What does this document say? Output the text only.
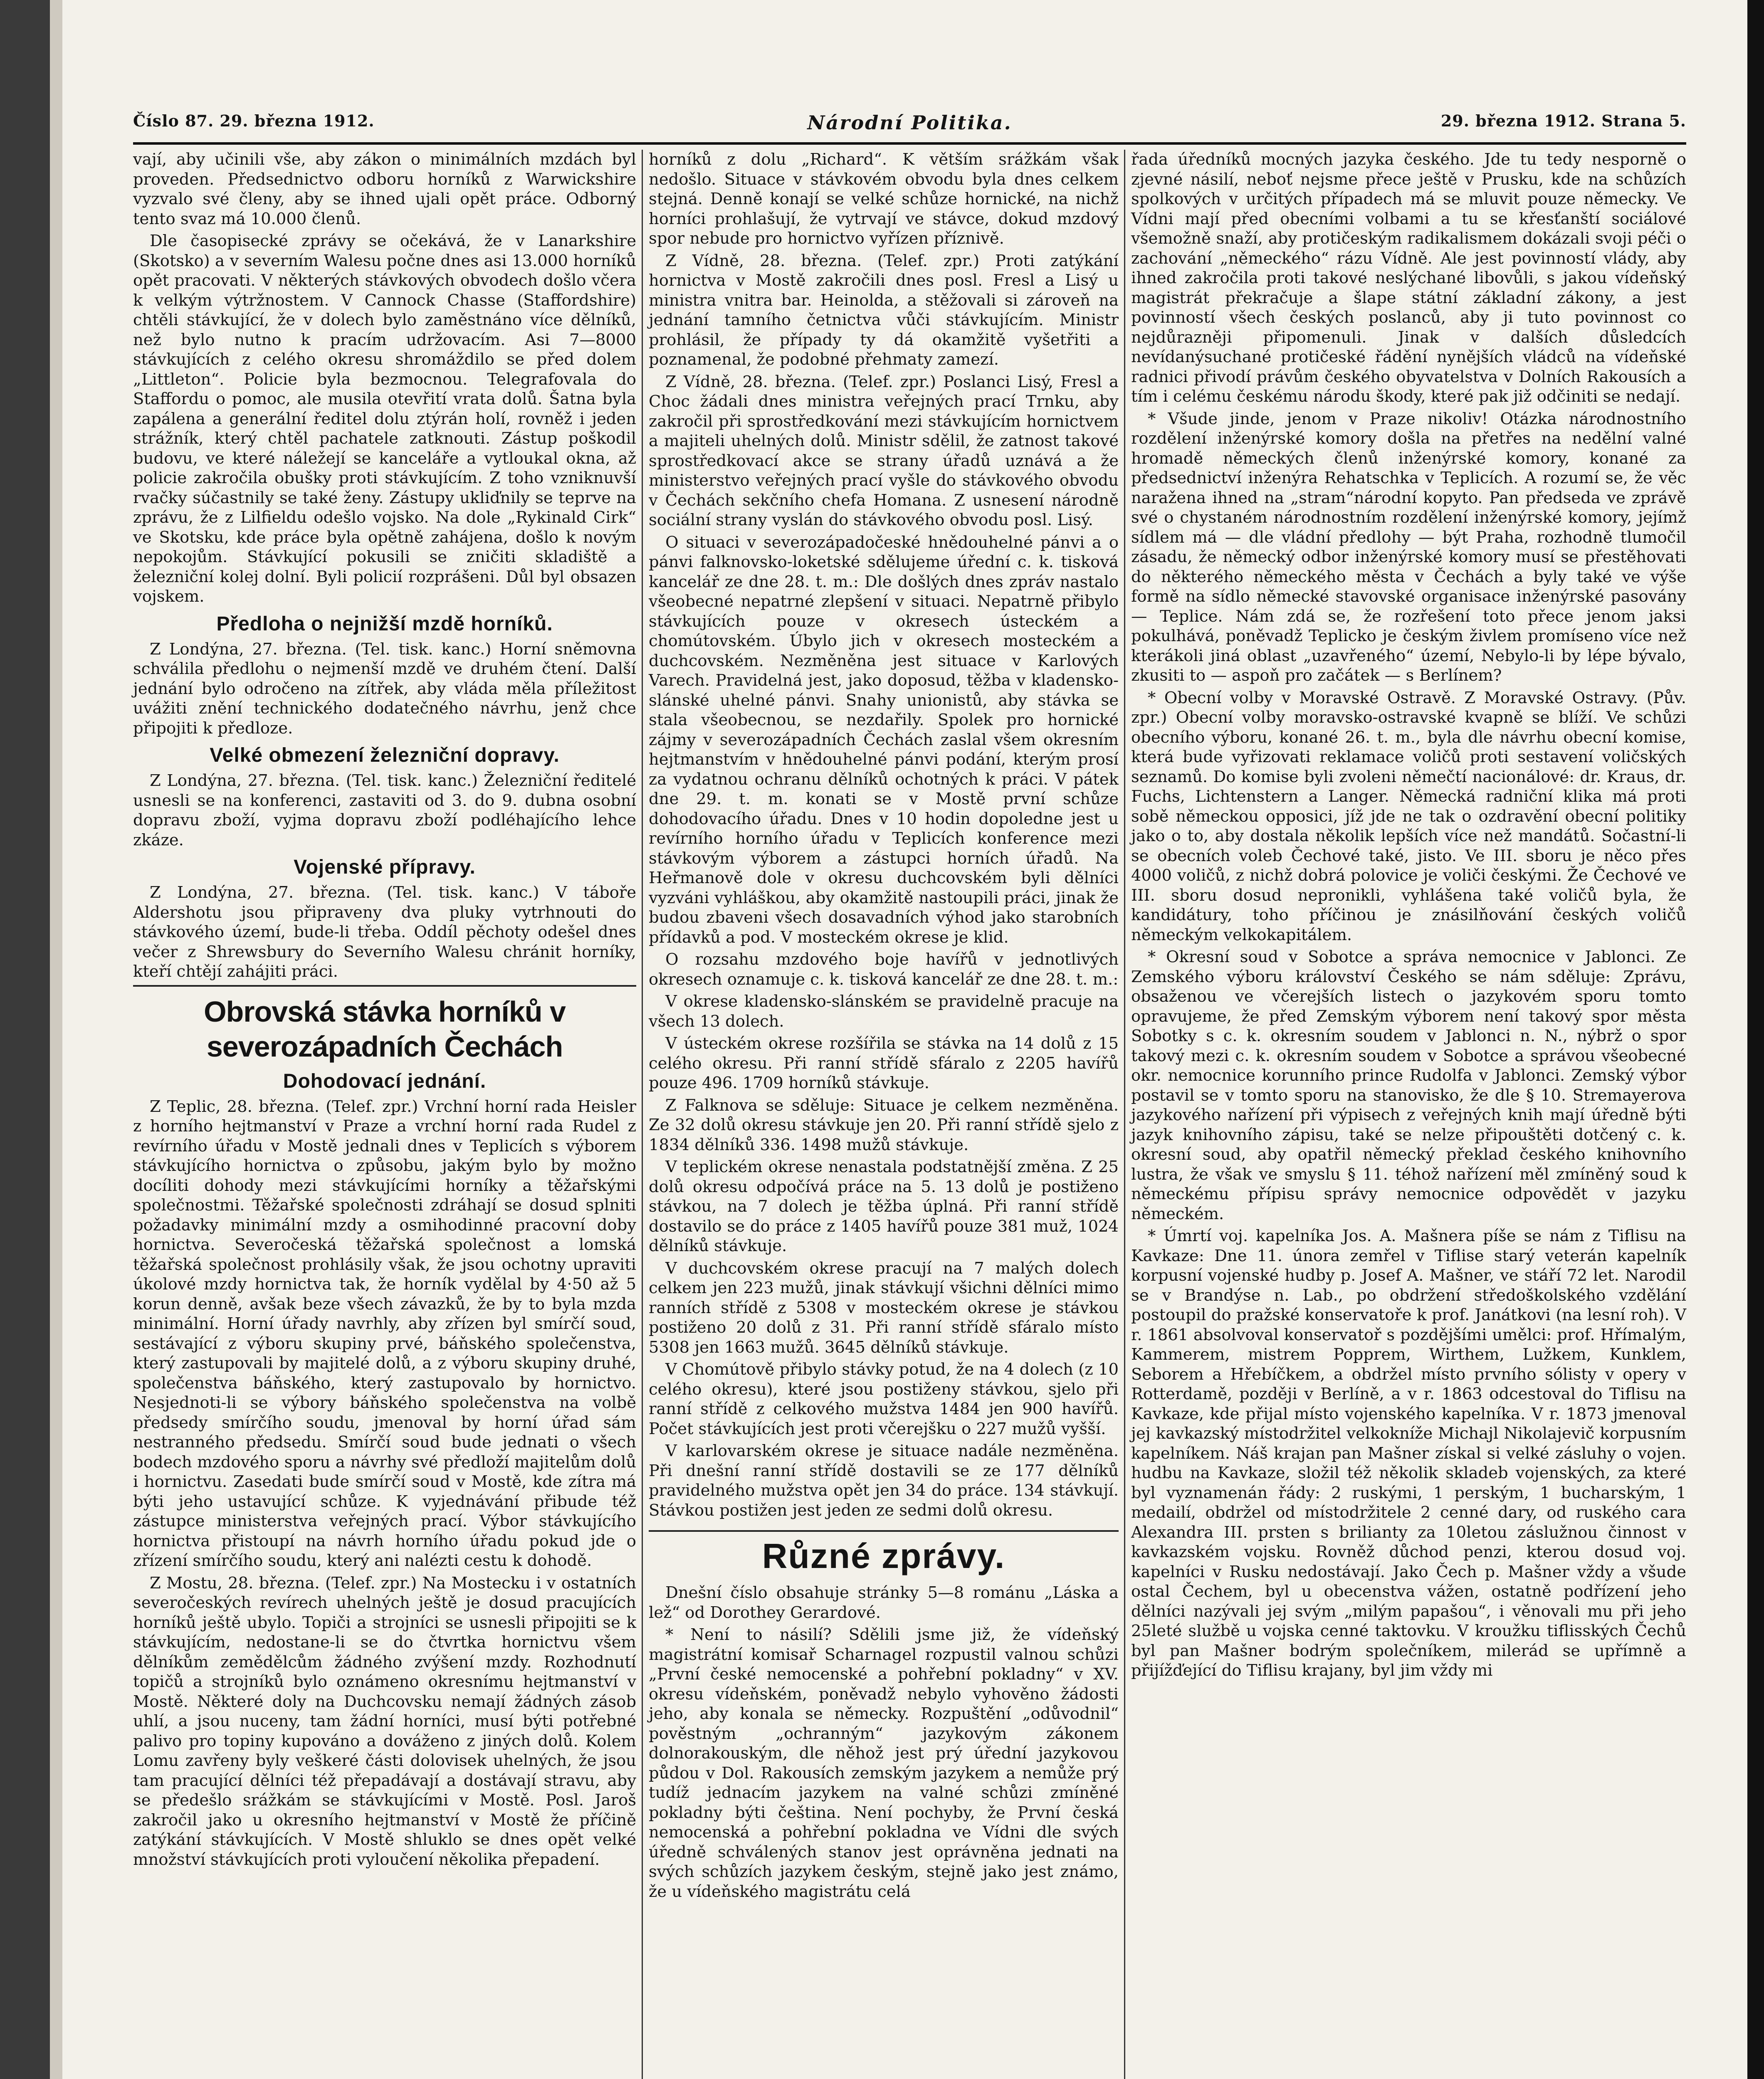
Číslo 87. 29. března 1912.	Národní Politika.	29. března 1912. Strana 5.

vají, aby učinili vše, aby zákon o minimálních mzdách byl proveden. Předsednictvo odboru horníků z Warwickshire vyzvalo své členy, aby se ihned ujali opět práce. Odborný tento svaz má 10.000 členů.

Dle časopisecké zprávy se očekává, že v Lanarkshire (Skotsko) a v severním Walesu počne dnes asi 13.000 horníků opět pracovati. V některých stávkových obvodech došlo včera k velkým výtržnostem. V Cannock Chasse (Staffordshire) chtěli stávkující, že v dolech bylo zaměstnáno více dělníků, než bylo nutno k pracím udržovacím. Asi 7—8000 stávkujících z celého okresu shromáždilo se před dolem „Littleton“. Policie byla bezmocnou. Telegrafovala do Staffordu o pomoc, ale musila otevřití vrata dolů. Šatna byla zapálena a generální ředitel dolu ztýrán holí, rovněž i jeden strážník, který chtěl pachatele zatknouti. Zástup poškodil budovu, ve které náležejí se kanceláře a vytloukal okna, až policie zakročila obušky proti stávkujícím. Z toho vzniknuvší rvačky súčastnily se také ženy. Zástupy ukliďnily se teprve na zprávu, že z Lilfieldu odešlo vojsko. Na dole „Rykinald Cirk“ ve Skotsku, kde práce byla opětně zahájena, došlo k novým nepokojům. Stávkující pokusili se zničiti skladiště a železniční kolej dolní. Byli policií rozprášeni. Důl byl obsazen vojskem.

Předloha o nejnižší mzdě horníků.

Z Londýna, 27. března. (Tel. tisk. kanc.) Horní sněmovna schválila předlohu o nejmenší mzdě ve druhém čtení. Další jednání bylo odročeno na zítřek, aby vláda měla příležitost uvážiti znění technického dodatečného návrhu, jenž chce připojiti k předloze.

Velké obmezení železniční dopravy.

Z Londýna, 27. března. (Tel. tisk. kanc.) Železniční ředitelé usnesli se na konferenci, zastaviti od 3. do 9. dubna osobní dopravu zboží, vyjma dopravu zboží podléhajícího lehce zkáze.

Vojenské přípravy.

Z Londýna, 27. března. (Tel. tisk. kanc.) V táboře Aldershotu jsou připraveny dva pluky vytrhnouti do stávkového území, bude-li třeba. Oddíl pěchoty odešel dnes večer z Shrewsbury do Severního Walesu chránit horníky, kteří chtějí zahájiti práci.

Obrovská stávka horníků v severozápadních Čechách
Dohodovací jednání.

Z Teplic, 28. března. (Telef. zpr.) Vrchní horní rada Heisler z horního hejtmanství v Praze a vrchní horní rada Rudel z revírního úřadu v Mostě jednali dnes v Teplicích s výborem stávkujícího hornictva o způsobu, jakým bylo by možno docíliti dohody mezi stávkujícími horníky a těžařskými společnostmi. Těžařské společnosti zdráhají se dosud splniti požadavky minimální mzdy a osmihodinné pracovní doby hornictva. Severočeská těžařská společnost a lomská těžařská společnost prohlásily však, že jsou ochotny upraviti úkolové mzdy hornictva tak, že horník vydělal by 4·50 až 5 korun denně, avšak beze všech závazků, že by to byla mzda minimální. Horní úřady navrhly, aby zřízen byl smírčí soud, sestávající z výboru skupiny prvé, báňského společenstva, který zastupovali by majitelé dolů, a z výboru skupiny druhé, společenstva báňského, který zastupovalo by hornictvo. Nesjednoti-li se výbory báňského společenstva na volbě předsedy smírčího soudu, jmenoval by horní úřad sám nestranného předsedu. Smírčí soud bude jednati o všech bodech mzdového sporu a návrhy své předloží majitelům dolů i hornictvu. Zasedati bude smírčí soud v Mostě, kde zítra má býti jeho ustavující schůze. K vyjednávání přibude též zástupce ministerstva veřejných prací. Výbor stávkujícího hornictva přistoupí na návrh horního úřadu pokud jde o zřízení smírčího soudu, který ani nalézti cestu k dohodě.

Z Mostu, 28. března. (Telef. zpr.) Na Mostecku i v ostatních severočeských revírech uhelných ještě je dosud pracujících horníků ještě ubylo. Topiči a strojníci se usnesli připojiti se k stávkujícím, nedostane-li se do čtvrtka hornictvu všem dělníkům zemědělcům žádného zvýšení mzdy. Rozhodnutí topičů a strojníků bylo oznámeno okresnímu hejtmanství v Mostě. Některé doly na Duchcovsku nemají žádných zásob uhlí, a jsou nuceny, tam žádní horníci, musí býti potřebné palivo pro topiny kupováno a dováženo z jiných dolů. Kolem Lomu zavřeny byly veškeré části dolovisek uhelných, že jsou tam pracující dělníci též přepadávají a dostávají stravu, aby se předešlo srážkám se stávkujícími v Mostě. Posl. Jaroš zakročil jako u okresního hejtmanství v Mostě že příčině zatýkání stávkujících. V Mostě shluklo se dnes opět velké množství stávkujících proti vyloučení několika přepadení.

horníků z dolu „Richard“. K větším srážkám však nedošlo. Situace v stávkovém obvodu byla dnes celkem stejná. Denně konají se velké schůze hornické, na nichž horníci prohlašují, že vytrvají ve stávce, dokud mzdový spor nebude pro hornictvo vyřízen příznivě.

Z Vídně, 28. března. (Telef. zpr.) Proti zatýkání hornictva v Mostě zakročili dnes posl. Fresl a Lisý u ministra vnitra bar. Heinolda, a stěžovali si zároveň na jednání tamního četnictva vůči stávkujícím. Ministr prohlásil, že případy ty dá okamžitě vyšetřiti a poznamenal, že podobné přehmaty zamezí.

Z Vídně, 28. března. (Telef. zpr.) Poslanci Lisý, Fresl a Choc žádali dnes ministra veřejných prací Trnku, aby zakročil při sprostředkování mezi stávkujícím hornictvem a majiteli uhelných dolů. Ministr sdělil, že zatnost takové sprostředkovací akce se strany úřadů uznává a že ministerstvo veřejných prací vyšle do stávkového obvodu v Čechách sekčního chefa Homana. Z usnesení národně sociální strany vyslán do stávkového obvodu posl. Lisý.

O situaci v severozápadočeské hnědouhelné pánvi a o pánvi falknovsko-loketské sdělujeme úřední c. k. tisková kancelář ze dne 28. t. m.: Dle došlých dnes zpráv nastalo všeobecné nepatrné zlepšení v situaci. Nepatrně přibylo stávkujících pouze v okresech ústeckém a chomútovském. Úbylo jich v okresech mosteckém a duchcovském. Nezměněna jest situace v Karlových Varech. Pravidelná jest, jako doposud, těžba v kladensko-slánské uhelné pánvi. Snahy unionistů, aby stávka se stala všeobecnou, se nezdařily. Spolek pro hornické zájmy v severozápadních Čechách zaslal všem okresním hejtmanstvím v hnědouhelné pánvi podání, kterým prosí za vydatnou ochranu dělníků ochotných k práci. V pátek dne 29. t. m. konati se v Mostě první schůze dohodovacího úřadu. Dnes v 10 hodin dopoledne jest u revírního horního úřadu v Teplicích konference mezi stávkovým výborem a zástupci horních úřadů. Na Heřmanově dole v okresu duchcovském byli dělníci vyzváni vyhláškou, aby okamžitě nastoupili práci, jinak že budou zbaveni všech dosavadních výhod jako starobních přídavků a pod. V mosteckém okrese je klid.

O rozsahu mzdového boje havířů v jednotlivých okresech oznamuje c. k. tisková kancelář ze dne 28. t. m.:

V okrese kladensko-slánském se pravidelně pracuje na všech 13 dolech.

V ústeckém okrese rozšířila se stávka na 14 dolů z 15 celého okresu. Při ranní střídě sfáralo z 2205 havířů pouze 496. 1709 horníků stávkuje.

Z Falknova se sděluje: Situace je celkem nezměněna. Ze 32 dolů okresu stávkuje jen 20. Při ranní střídě sjelo z 1834 dělníků 336. 1498 mužů stávkuje.

V teplickém okrese nenastala podstatnější změna. Z 25 dolů okresu odpočívá práce na 5. 13 dolů je postiženo stávkou, na 7 dolech je těžba úplná. Při ranní střídě dostavilo se do práce z 1405 havířů pouze 381 muž, 1024 dělníků stávkuje.

V duchcovském okrese pracují na 7 malých dolech celkem jen 223 mužů, jinak stávkují všichni dělníci mimo ranních střídě z 5308 v mosteckém okrese je stávkou postiženo 20 dolů z 31. Při ranní střídě sfáralo místo 5308 jen 1663 mužů. 3645 dělníků stávkuje.

V Chomútově přibylo stávky potud, že na 4 dolech (z 10 celého okresu), které jsou postiženy stávkou, sjelo při ranní střídě z celkového mužstva 1484 jen 900 havířů. Počet stávkujících jest proti včerejšku o 227 mužů vyšší.

V karlovarském okrese je situace nadále nezměněna. Při dnešní ranní střídě dostavili se ze 177 dělníků pravidelného mužstva opět jen 34 do práce. 134 stávkují. Stávkou postižen jest jeden ze sedmi dolů okresu.

Různé zprávy.

Dnešní číslo obsahuje stránky 5—8 románu „Láska a lež“ od Dorothey Gerardové.

* Není to násilí? Sdělili jsme již, že vídeňský magistrátní komisař Scharnagel rozpustil valnou schůzi „První české nemocenské a pohřební pokladny“ v XV. okresu vídeňském, poněvadž nebylo vyhověno žádosti jeho, aby konala se německy. Rozpuštění „odůvodnil“ pověstným „ochranným“ jazykovým zákonem dolnorakouským, dle něhož jest prý úřední jazykovou půdou v Dol. Rakousích zemským jazykem a nemůže prý tudíž jednacím jazykem na valné schůzi zmíněné pokladny býti čeština. Není pochyby, že První česká nemocenská a pohřební pokladna ve Vídni dle svých úředně schválených stanov jest oprávněna jednati na svých schůzích jazykem českým, stejně jako jest známo, že u vídeňského magistrátu celá

řada úředníků mocných jazyka českého. Jde tu tedy nesporně o zjevné násilí, neboť nejsme přece ještě v Prusku, kde na schůzích spolkových v určitých případech má se mluvit pouze německy. Ve Vídni mají před obecními volbami a tu se křesťanští sociálové všemožně snaží, aby protičeským radikalismem dokázali svoji péči o zachování „německého“ rázu Vídně. Ale jest povinností vlády, aby ihned zakročila proti takové neslýchané libovůli, s jakou vídeňský magistrát překračuje a šlape státní základní zákony, a jest povinností všech českých poslanců, aby ji tuto povinnost co nejdůrazněji připomenuli. Jinak v dalších důsledcích nevídanýsuchané protičeské řádění nynějších vládců na vídeňské radnici přivodí právům českého obyvatelstva v Dolních Rakousích a tím i celému českému národu škody, které pak již odčiniti se nedají.

* Všude jinde, jenom v Praze nikoliv! Otázka národnostního rozdělení inženýrské komory došla na přetřes na nedělní valné hromadě německých členů inženýrské komory, konané za předsednictví inženýra Rehatschka v Teplicích. A rozumí se, že věc naražena ihned na „stram“národní kopyto. Pan předseda ve zprávě své o chystaném národnostním rozdělení inženýrské komory, jejímž sídlem má — dle vládní předlohy — být Praha, rozhodně tlumočil zásadu, že německý odbor inženýrské komory musí se přestěhovati do některého německého města v Čechách a byly také ve výše formě na sídlo německé stavovské organisace inženýrské pasovány — Teplice. Nám zdá se, že rozřešení toto přece jenom jaksi pokulhává, poněvadž Teplicko je českým živlem promíseno více než kterákoli jiná oblast „uzavřeného“ území, Nebylo-li by lépe bývalo, zkusiti to — aspoň pro začátek — s Berlínem?

* Obecní volby v Moravské Ostravě. Z Moravské Ostravy. (Pův. zpr.) Obecní volby moravsko-ostravské kvapně se blíží. Ve schůzi obecního výboru, konané 26. t. m., byla dle návrhu obecní komise, která bude vyřizovati reklamace voličů proti sestavení voličských seznamů. Do komise byli zvoleni němečtí nacionálové: dr. Kraus, dr. Fuchs, Lichtenstern a Langer. Německá radniční klika má proti sobě německou opposici, jíž jde ne tak o ozdravění obecní politiky jako o to, aby dostala několik lepších více než mandátů. Sočastní-li se obecních voleb Čechové také, jisto. Ve III. sboru je něco přes 4000 voličů, z nichž dobrá polovice je voliči českými. Že Čechové ve III. sboru dosud nepronikli, vyhlášena také voličů byla, že kandidátury, toho příčinou je znásilňování českých voličů německým velkokapitálem.

* Okresní soud v Sobotce a správa nemocnice v Jablonci. Ze Zemského výboru království Českého se nám sděluje: Zprávu, obsaženou ve včerejších listech o jazykovém sporu tomto opravujeme, že před Zemským výborem není takový spor města Sobotky s c. k. okresním soudem v Jablonci n. N., nýbrž o spor takový mezi c. k. okresním soudem v Sobotce a správou všeobecné okr. nemocnice korunního prince Rudolfa v Jablonci. Zemský výbor postavil se v tomto sporu na stanovisko, že dle § 10. Stremayerova jazykového nařízení při výpisech z veřejných knih mají úředně býti jazyk knihovního zápisu, také se nelze připouštěti dotčený c. k. okresní soud, aby opatřil německý překlad českého knihovního lustra, že však ve smyslu § 11. téhož nařízení měl zmíněný soud k německému přípisu správy nemocnice odpovědět v jazyku německém.

* Úmrtí voj. kapelníka Jos. A. Mašnera píše se nám z Tiflisu na Kavkaze: Dne 11. února zemřel v Tiflise starý veterán kapelník korpusní vojenské hudby p. Josef A. Mašner, ve stáří 72 let. Narodil se v Brandýse n. Lab., po obdržení středoškolského vzdělání postoupil do pražské konservatoře k prof. Janátkovi (na lesní roh). V r. 1861 absolvoval konservatoř s pozdějšími umělci: prof. Hřímalým, Kammerem, mistrem Popprem, Wirthem, Lužkem, Kunklem, Seborem a Hřebíčkem, a obdržel místo prvního sólisty v opery v Rotterdamě, později v Berlíně, a v r. 1863 odcestoval do Tiflisu na Kavkaze, kde přijal místo vojenského kapelníka. V r. 1873 jmenoval jej kavkazský místodržitel velkokníže Michajl Nikolajevič korpusním kapelníkem. Náš krajan pan Mašner získal si velké zásluhy o vojen. hudbu na Kavkaze, složil též několik skladeb vojenských, za které byl vyznamenán řády: 2 ruskými, 1 perským, 1 bucharským, 1 medailí, obdržel od místodržitele 2 cenné dary, od ruského cara Alexandra III. prsten s brilianty za 10letou záslužnou činnost v kavkazském vojsku. Rovněž důchod penzi, kterou dosud voj. kapelníci v Rusku nedostávají. Jako Čech p. Mašner vždy a všude ostal Čechem, byl u obecenstva vážen, ostatně podřízení jeho dělníci nazývali jej svým „milým papašou“, i věnovali mu při jeho 25leté službě u vojska cenné taktovku. V kroužku tiflisských Čechů byl pan Mašner bodrým společníkem, milerád se upřímně a přijížďející do Tiflisu krajany, byl jim vždy mi
